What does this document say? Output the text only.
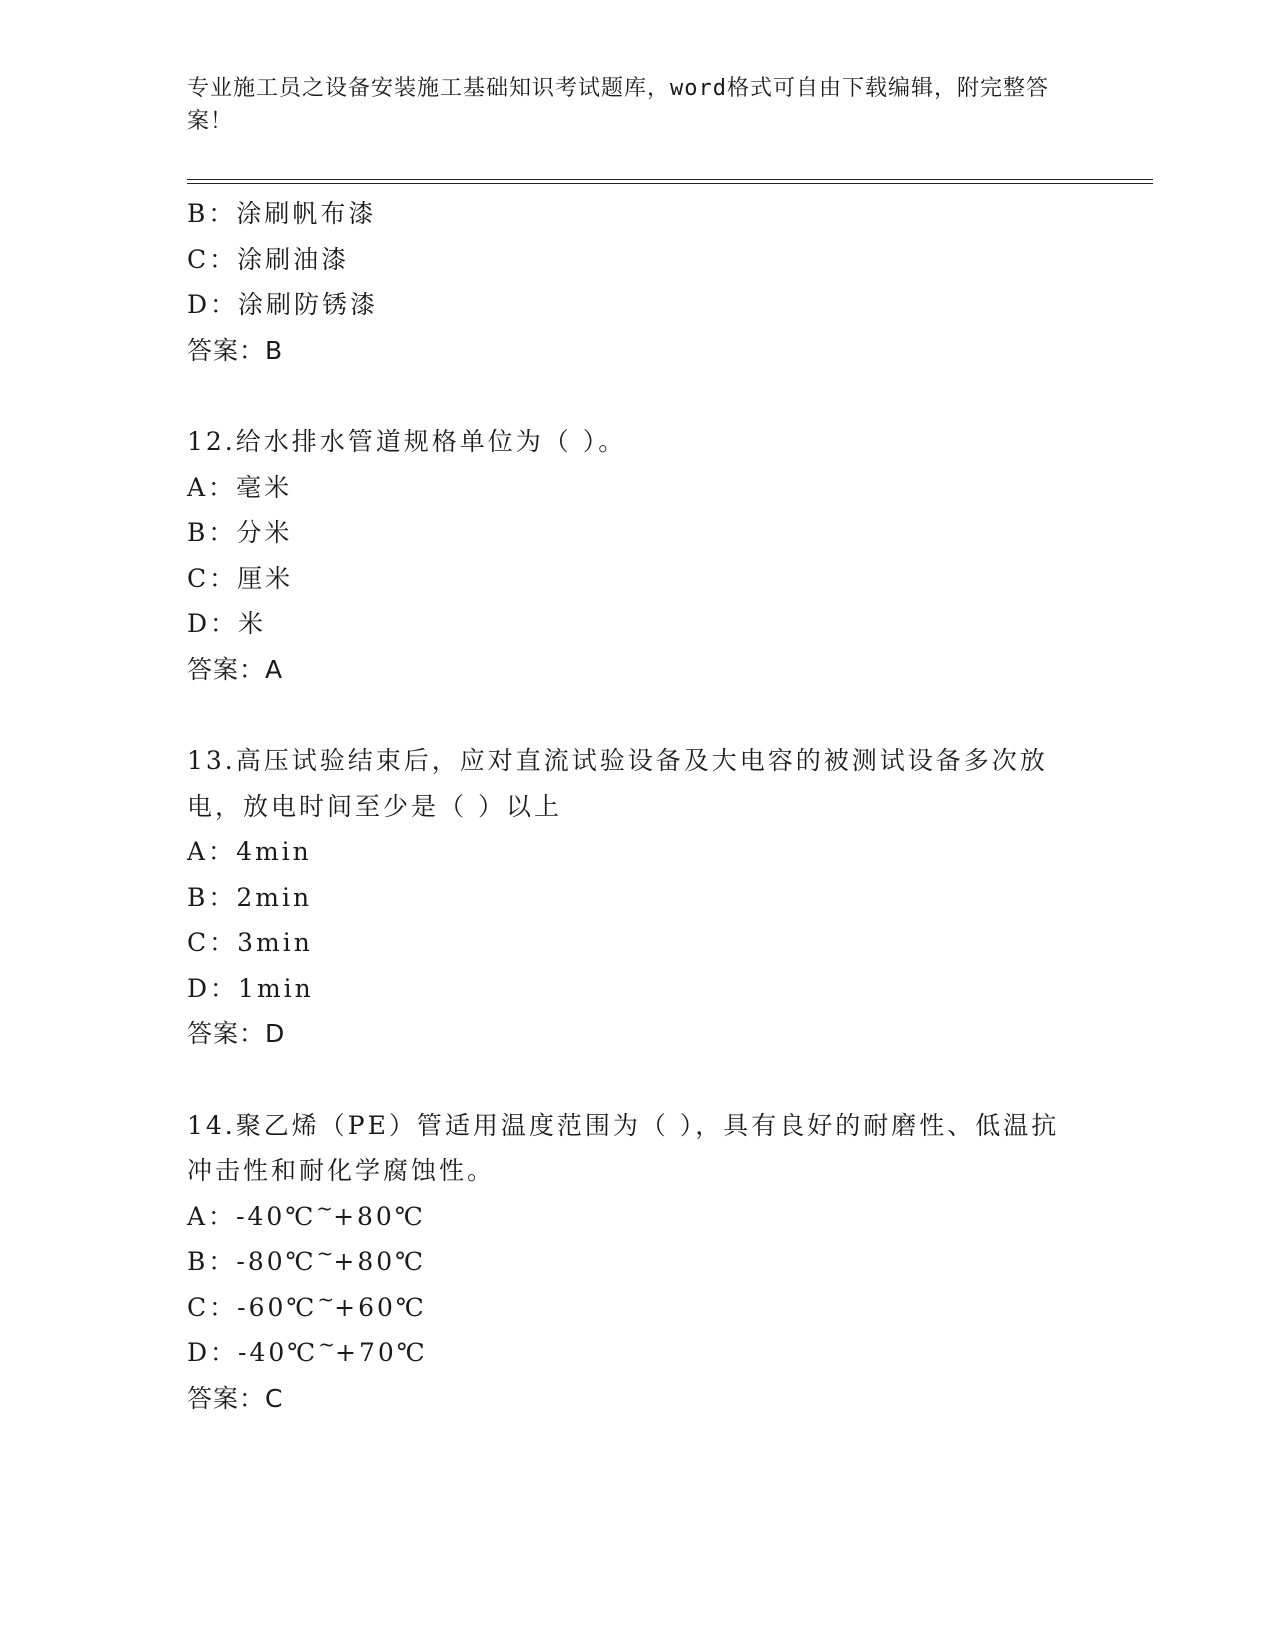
专业施工员之设备安装施工基础知识考试题库，word格式可自由下载编辑，附完整答案！
B：涂刷帆布漆
C：涂刷油漆
D：涂刷防锈漆
答案：B
12.给水排水管道规格单位为（ ）。
A：毫米
B：分米
C：厘米
D：米
答案：A
13.高压试验结束后，应对直流试验设备及大电容的被测试设备多次放电，放电时间至少是（ ）以上
A：4min
B：2min
C：3min
D：1min
答案：D
14.聚乙烯（PE）管适用温度范围为（ ），具有良好的耐磨性、低温抗冲击性和耐化学腐蚀性。
A：-40℃~+80℃
B：-80℃~+80℃
C：-60℃~+60℃
D：-40℃~+70℃
答案：C
